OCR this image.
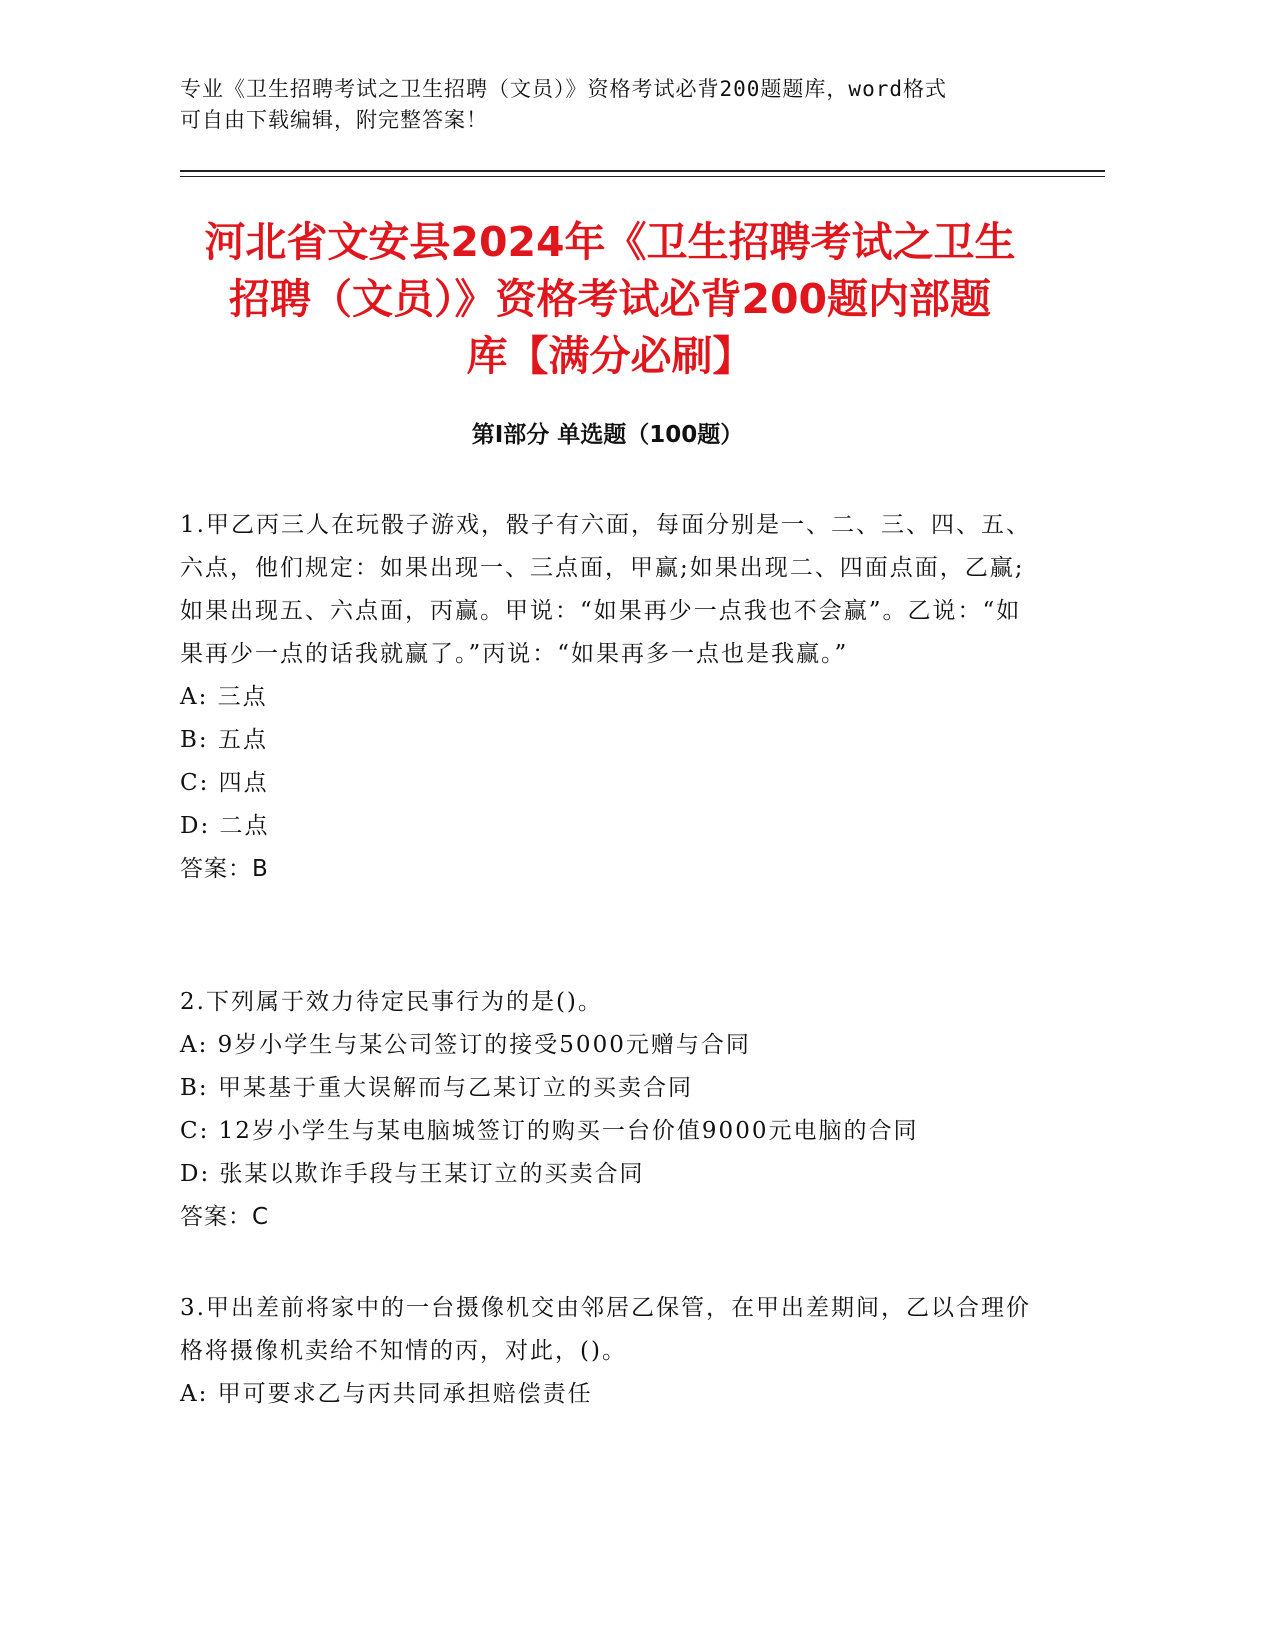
专业《卫生招聘考试之卫生招聘（文员）》资格考试必背200题题库，word格式
可自由下载编辑，附完整答案！
河北省文安县2024年《卫生招聘考试之卫生
招聘（文员）》资格考试必背200题内部题
库【满分必刷】
第Ⅰ部分 单选题（100题）
1.甲乙丙三人在玩骰子游戏，骰子有六面，每面分别是一、二、三、四、五、六点，他们规定：如果出现一、三点面，甲赢;如果出现二、四面点面，乙赢;如果出现五、六点面，丙赢。甲说：“如果再少一点我也不会赢”。乙说：“如果再少一点的话我就赢了。”丙说：“如果再多一点也是我赢。”
A: 三点
B: 五点
C: 四点
D: 二点
答案：B
2.下列属于效力待定民事行为的是()。
A: 9岁小学生与某公司签订的接受5000元赠与合同
B: 甲某基于重大误解而与乙某订立的买卖合同
C: 12岁小学生与某电脑城签订的购买一台价值9000元电脑的合同
D: 张某以欺诈手段与王某订立的买卖合同
答案：C
3.甲出差前将家中的一台摄像机交由邻居乙保管，在甲出差期间，乙以合理价格将摄像机卖给不知情的丙，对此，()。
A: 甲可要求乙与丙共同承担赔偿责任
